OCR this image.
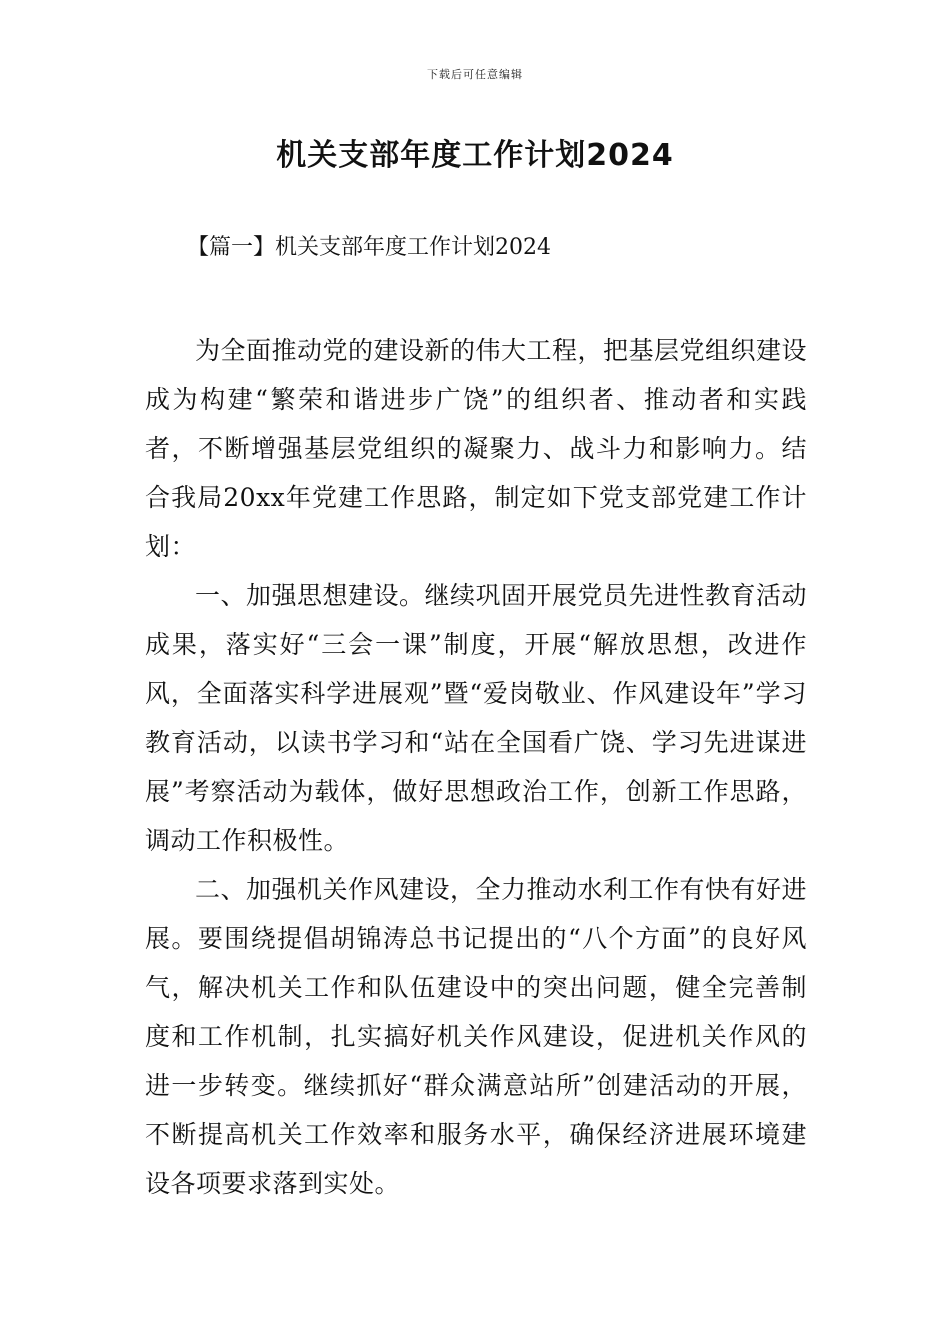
下载后可任意编辑
机关支部年度工作计划2024

【篇一】机关支部年度工作计划2024

为全面推动党的建设新的伟大工程，把基层党组织建设成为构建“繁荣和谐进步广饶”的组织者、推动者和实践者，不断增强基层党组织的凝聚力、战斗力和影响力。结合我局20xx年党建工作思路，制定如下党支部党建工作计划：

一、加强思想建设。继续巩固开展党员先进性教育活动成果，落实好“三会一课”制度，开展“解放思想，改进作风，全面落实科学进展观”暨“爱岗敬业、作风建设年”学习教育活动，以读书学习和“站在全国看广饶、学习先进谋进展”考察活动为载体，做好思想政治工作，创新工作思路，调动工作积极性。

二、加强机关作风建设，全力推动水利工作有快有好进展。要围绕提倡胡锦涛总书记提出的“八个方面”的良好风气，解决机关工作和队伍建设中的突出问题，健全完善制度和工作机制，扎实搞好机关作风建设，促进机关作风的进一步转变。继续抓好“群众满意站所”创建活动的开展，不断提高机关工作效率和服务水平，确保经济进展环境建设各项要求落到实处。
